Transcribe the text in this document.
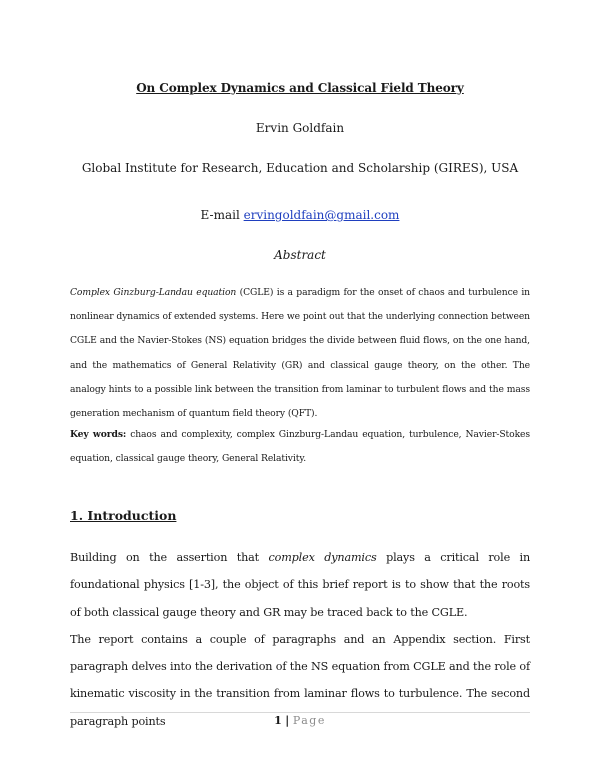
On Complex Dynamics and Classical Field Theory
Ervin Goldfain
Global Institute for Research, Education and Scholarship (GIRES), USA
E-mail ervingoldfain@gmail.com
Abstract
Complex Ginzburg-Landau equation (CGLE) is a paradigm for the onset of chaos and turbulence in nonlinear dynamics of extended systems. Here we point out that the underlying connection between CGLE and the Navier-Stokes (NS) equation bridges the divide between fluid flows, on the one hand, and the mathematics of General Relativity (GR) and classical gauge theory, on the other. The analogy hints to a possible link between the transition from laminar to turbulent flows and the mass generation mechanism of quantum field theory (QFT).
Key words: chaos and complexity, complex Ginzburg-Landau equation, turbulence, Navier-Stokes equation, classical gauge theory, General Relativity.
1. Introduction

Building on the assertion that complex dynamics plays a critical role in foundational physics [1-3], the object of this brief report is to show that the roots of both classical gauge theory and GR may be traced back to the CGLE.

The report contains a couple of paragraphs and an Appendix section. First paragraph delves into the derivation of the NS equation from CGLE and the role of kinematic viscosity in the transition from laminar flows to turbulence. The second paragraph points	1 | Page
